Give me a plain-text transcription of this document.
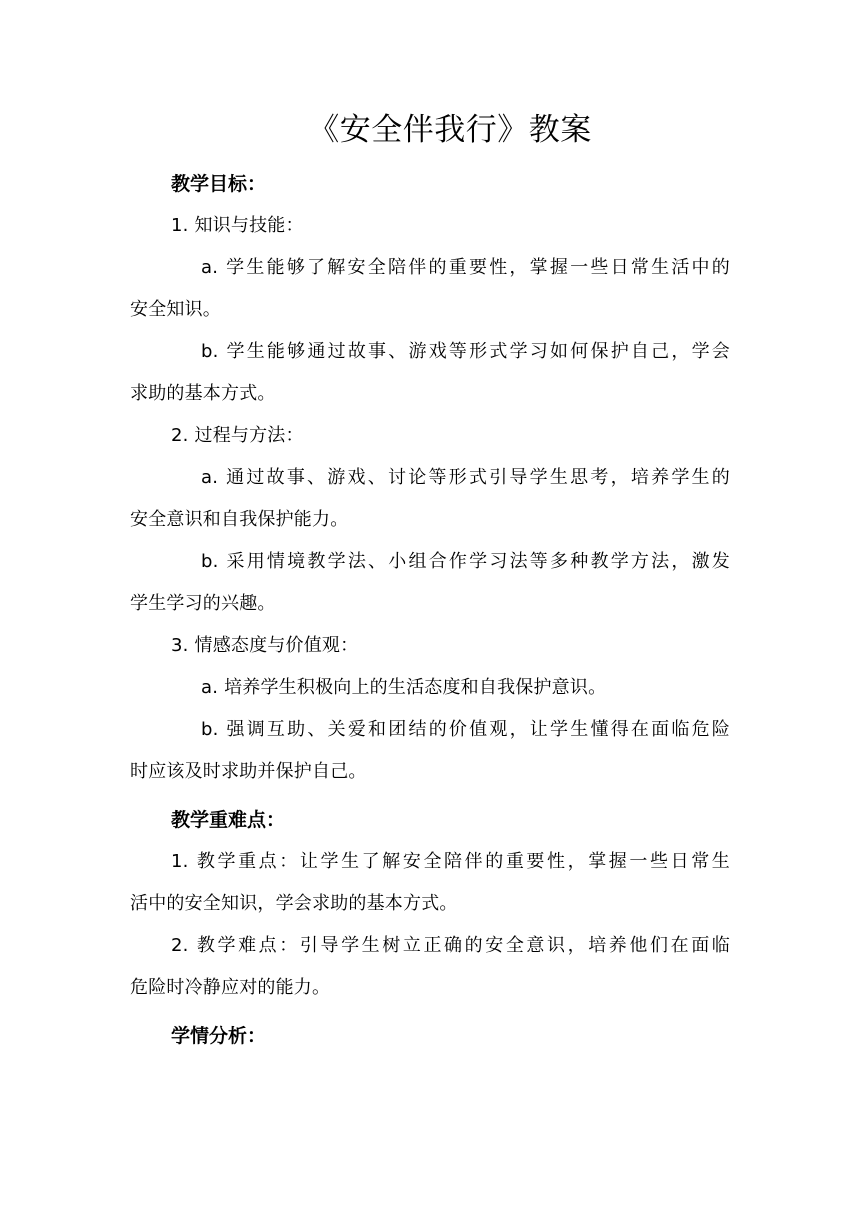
《安全伴我行》教案
教学目标：
1. 知识与技能：
a. 学生能够了解安全陪伴的重要性，掌握一些日常生活中的
安全知识。
b. 学生能够通过故事、游戏等形式学习如何保护自己，学会
求助的基本方式。
2. 过程与方法：
a. 通过故事、游戏、讨论等形式引导学生思考，培养学生的
安全意识和自我保护能力。
b. 采用情境教学法、小组合作学习法等多种教学方法，激发
学生学习的兴趣。
3. 情感态度与价值观：
a. 培养学生积极向上的生活态度和自我保护意识。
b. 强调互助、关爱和团结的价值观，让学生懂得在面临危险
时应该及时求助并保护自己。
教学重难点：
1. 教学重点：让学生了解安全陪伴的重要性，掌握一些日常生
活中的安全知识，学会求助的基本方式。
2. 教学难点：引导学生树立正确的安全意识，培养他们在面临
危险时冷静应对的能力。
学情分析：
